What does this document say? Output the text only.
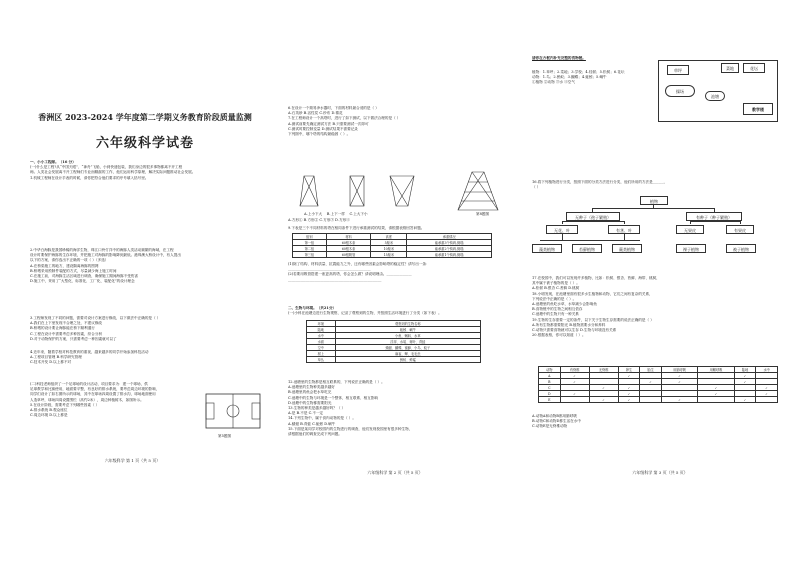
香洲区 2023-2024 学年度第二学期义务教育阶段质量监测
六年级科学试卷
一、小小工程师。（16 分）
(一)什么是工程?从“中国天眼”、“神舟”飞船，小到快递包装，我们身边的很多事物都离不开工程
师。人类社会发展离不开工程师们专业而精湛的工作，他们运用科学原理，解决实际问题推动社会发展。
1.机械工程师在设计手表的时候，请你把符合他们要求的序号填入括号里。
2.中华白海豚是我国珍稀的海洋生物，珠江口伶仃洋中的海豚人类活动频繁的海域，在工程
设计时要保护海豚的生存环境，并把施工对海豚的影响降到最低。港珠澳大桥设计中，有人提出
以下的方案，请你选出不正确的一项（ ）（多选）
A.在桥梁施工的地方，建设隔离海豚的围网
B.桥墩采用预制件装配的方式，尽量减少海上施工时间
C.在施工前，对海豚生活区域进行调查，确保施工期间海豚不受伤害
D.施工中，采用了“大型化、标准化、工厂化、装配化”的设计理念
3.工程师发现了不同的问题，需要对设计方案进行修改，以下做法中正确的是（ ）
A.我们在上下里发现不合理之处，不建议修改
B.桥墩的设计要让海豚能在桥下顺利通行
C.工程在设计中需要考虑多种因素，综合分析
D.对于动物保护的方案，只需要考虑一种因素就可以了
4.近年来，随着学校对科技教育的重视，越来越多的同学开始参加科技活动
A.工程项目管理 B.科学研究管理
C.技术开发 D.以上都不对
(二)科技老师组织了一个足球场的设计活动，项目要求为：建一个球场，供
足球教学和比赛使用，地面要平整，有良好的排水系统，要考虑周边环境的影响，
同学们设计了如右图所示的球场，其中在球场四周设置了排水沟，球场地面使用
人造草坪，球场四周设置围栏（高约2米），周边种植树木，如图所示。
5.在设计阶段，需要考虑下列哪些因素（ ）
A.排水系统 B.观众座位
C.周边环境 D.以上都是
第5题图
六年级科学 第 1 页（共 5 页）
6.在设计一个简易净水器时，下面的材料最合适的是（ ）
A.石英砂 B.活性炭 C.纱布 D.棉花
7.在工程师设计一个高塔时，进行了如下测试，以下做法合理的是（ ）
A.测试前要先确定测试方法 B.只需要测试一次即可
C.测试时要控制变量 D.测试结果不需要记录
下列图中，哪个塔的结构最稳固（ ）。
A.上小下大 B.上下一样 C.上大下小
A.方形① B.方形② C.方形③ D.方形④
第8题图
9.下表是三个不同材料的塔在相同条件下进行承重测试的结果，请根据表格回答问题。
组别	材料	高度	承重情况
第一组	60根木条	5厘米	能承重3个钩码,倒塌
第二组	60根木条	10厘米	能承重2个钩码,倒塌
第三组	60根吸管	15厘米	能承重1个钩码,倒塌
(1)除了结构、材料质量、抗震能力之外，还有哪些因素会影响塔的稳定性？请写出一条：
______________________________________________
(2)若要用吸管搭建一座更高的塔，你会怎么做？请说明理由。______________
____________________________________________________
二、生物与环境。（共21分）
(一)小科在池塘边进行生物观察，记录了观察到的生物，并按照生活环境进行了分类（如下表）。
环境	观察到的生物名称
陆地	蚯蚓、蜗牛
水中	小鱼、蝌蚪、水草
水面	浮萍、水黾、荷叶、青蛙
空中	蜻蜓、蝴蝶、蜜蜂、小鸟、蚊子
树上	麻雀、蝉、毛毛虫
草丛	蚂蚁、蚱蜢
12.池塘里的生物都是相互联系的，下列说法正确的是（ ）。
A.池塘里的生物种类越多越好
B.池塘里的鱼会把水草吃完
C.池塘中的生物与环境是一个整体，相互联系、相互影响
D.池塘中的生物都需要阳光
13.生物的种类是越多越好吗？（ ）
A.是 B.不是 C.不一定
14.下列生物中，属于食肉动物的是（ ）。
A.蜻蜓 B.青蛙 C.蚯蚓 D.蜗牛
15.下面是某同学对校园内的生物进行的调查，他们发现校园里有很多种生物，
请根据他们的调查完成下列问题。
六年级科学 第 2 页（共 5 页）
请你在方框内补充完整的食物链。
草坪	菜地	花坛
操场
教学楼
池塘
植物：1.草坪；2.菜地；3.学校；4.桂树；5.松树；6.花坛
动物：1.鸟；2.蚂蚁；3.蝴蝶；4.蚯蚓；5.蜗牛
①植物 ②动物 ③水 ④空气
16.将下列植物进行分类，按照下面的分类方法进行分类，他们所用的方法是______，
（ ）
植物
无种子（孢子繁殖）	有种子（种子繁殖）
无花、叶	有茎、叶	无果皮	有果皮
藻类植物	苔藓植物	蕨类植物	裸子植物	被子植物
17.在校园中，我们可以发现许多植物，比如：松树、银杏、苔藓、海带、桃树，
其中属于被子植物的是（ ）。
A.松树 B.银杏 C.苔藓 D.桃树
18.小明发现，在池塘里面有很多水生植物和动物，它们之间有复杂的关系，
下列说法中正确的是（ ）。
A.池塘里的鱼吃水草，水草减少会影响鱼
B.食物链中的生物之间相互依存
C.池塘中的生物只有一种关系
19.生物的生存需要一定的条件，以下关于生物生存需要的说法正确的是（ ）
A.所有生物都需要阳光 B.植物需要水分和养料
C.动物只需要食物就可以生存 D.生物与环境没有关系
20.根据表格，你可以知道（ ）。
动物	有脊椎	无脊椎	卵生	胎生	用肺呼吸	用鳃呼吸	陆地	水中
A	✓		✓		✓		✓	
B	✓			✓	✓		✓	
C		✓	✓			✓		✓
D	✓		✓			✓		✓
E		✓	✓		✓		✓	
A.动物A和动物B都用肺呼吸
B.动物C和动物D都生活在水中
C.动物E是无脊椎动物
六年级科学 第 3 页（共 5 页）
